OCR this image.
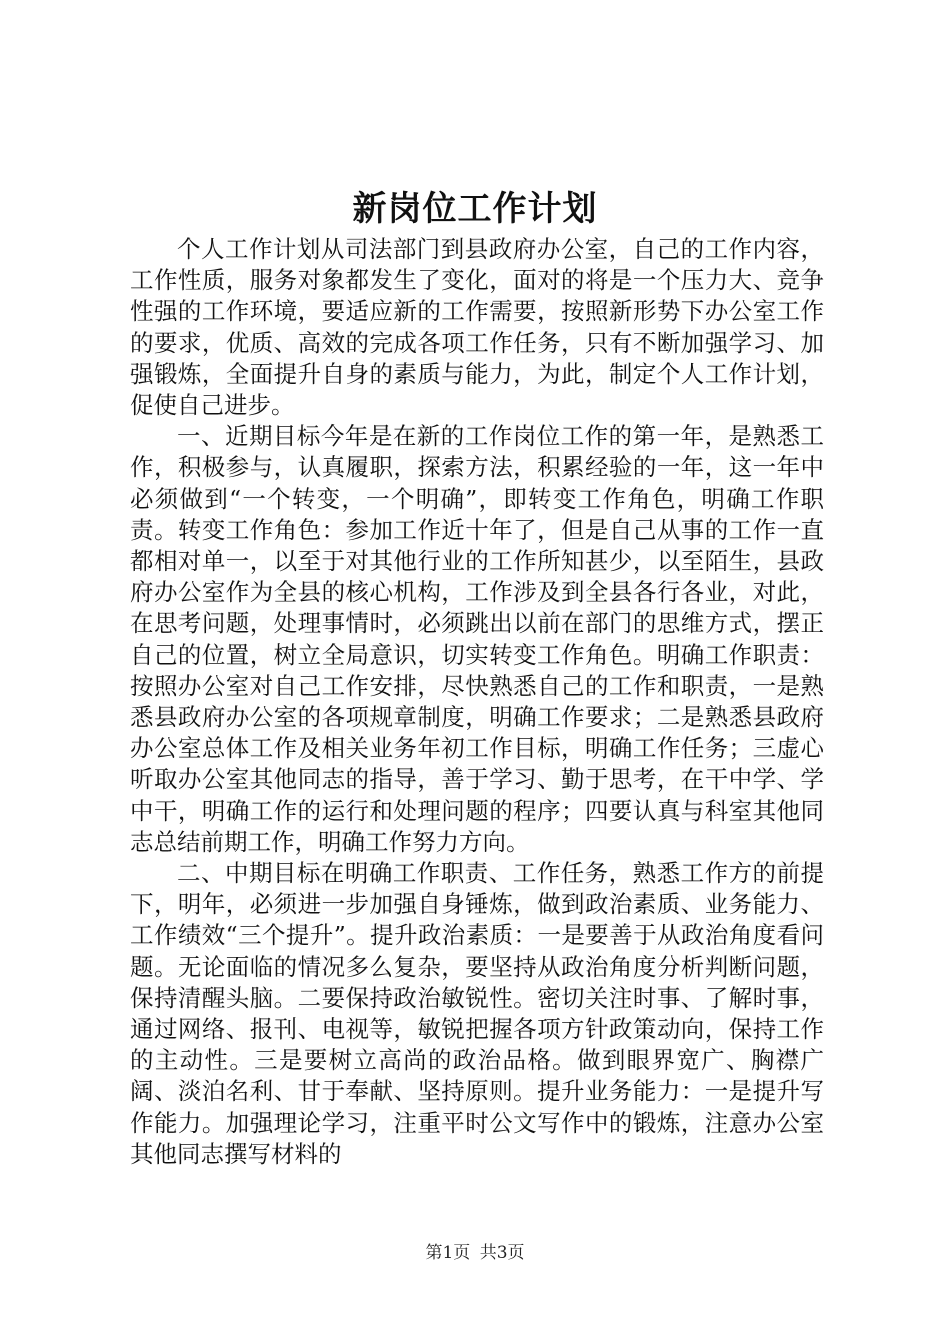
新岗位工作计划

个人工作计划从司法部门到县政府办公室，自己的工作内容，工作性质，服务对象都发生了变化，面对的将是一个压力大、竞争性强的工作环境，要适应新的工作需要，按照新形势下办公室工作的要求，优质、高效的完成各项工作任务，只有不断加强学习、加强锻炼，全面提升自身的素质与能力，为此，制定个人工作计划，促使自己进步。

一、近期目标今年是在新的工作岗位工作的第一年，是熟悉工作，积极参与，认真履职，探索方法，积累经验的一年，这一年中必须做到“一个转变，一个明确”，即转变工作角色，明确工作职责。转变工作角色：参加工作近十年了，但是自己从事的工作一直都相对单一，以至于对其他行业的工作所知甚少，以至陌生，县政府办公室作为全县的核心机构，工作涉及到全县各行各业，对此，在思考问题，处理事情时，必须跳出以前在部门的思维方式，摆正自己的位置，树立全局意识，切实转变工作角色。明确工作职责：按照办公室对自己工作安排，尽快熟悉自己的工作和职责，一是熟悉县政府办公室的各项规章制度，明确工作要求；二是熟悉县政府办公室总体工作及相关业务年初工作目标，明确工作任务；三虚心听取办公室其他同志的指导，善于学习、勤于思考，在干中学、学中干，明确工作的运行和处理问题的程序；四要认真与科室其他同志总结前期工作，明确工作努力方向。

二、中期目标在明确工作职责、工作任务，熟悉工作方的前提下，明年，必须进一步加强自身锤炼，做到政治素质、业务能力、工作绩效“三个提升”。提升政治素质：一是要善于从政治角度看问题。无论面临的情况多么复杂，要坚持从政治角度分析判断问题，保持清醒头脑。二要保持政治敏锐性。密切关注时事、了解时事，通过网络、报刊、电视等，敏锐把握各项方针政策动向，保持工作的主动性。三是要树立高尚的政治品格。做到眼界宽广、胸襟广阔、淡泊名利、甘于奉献、坚持原则。提升业务能力：一是提升写作能力。加强理论学习，注重平时公文写作中的锻炼，注意办公室其他同志撰写材料的

第1页 共3页
